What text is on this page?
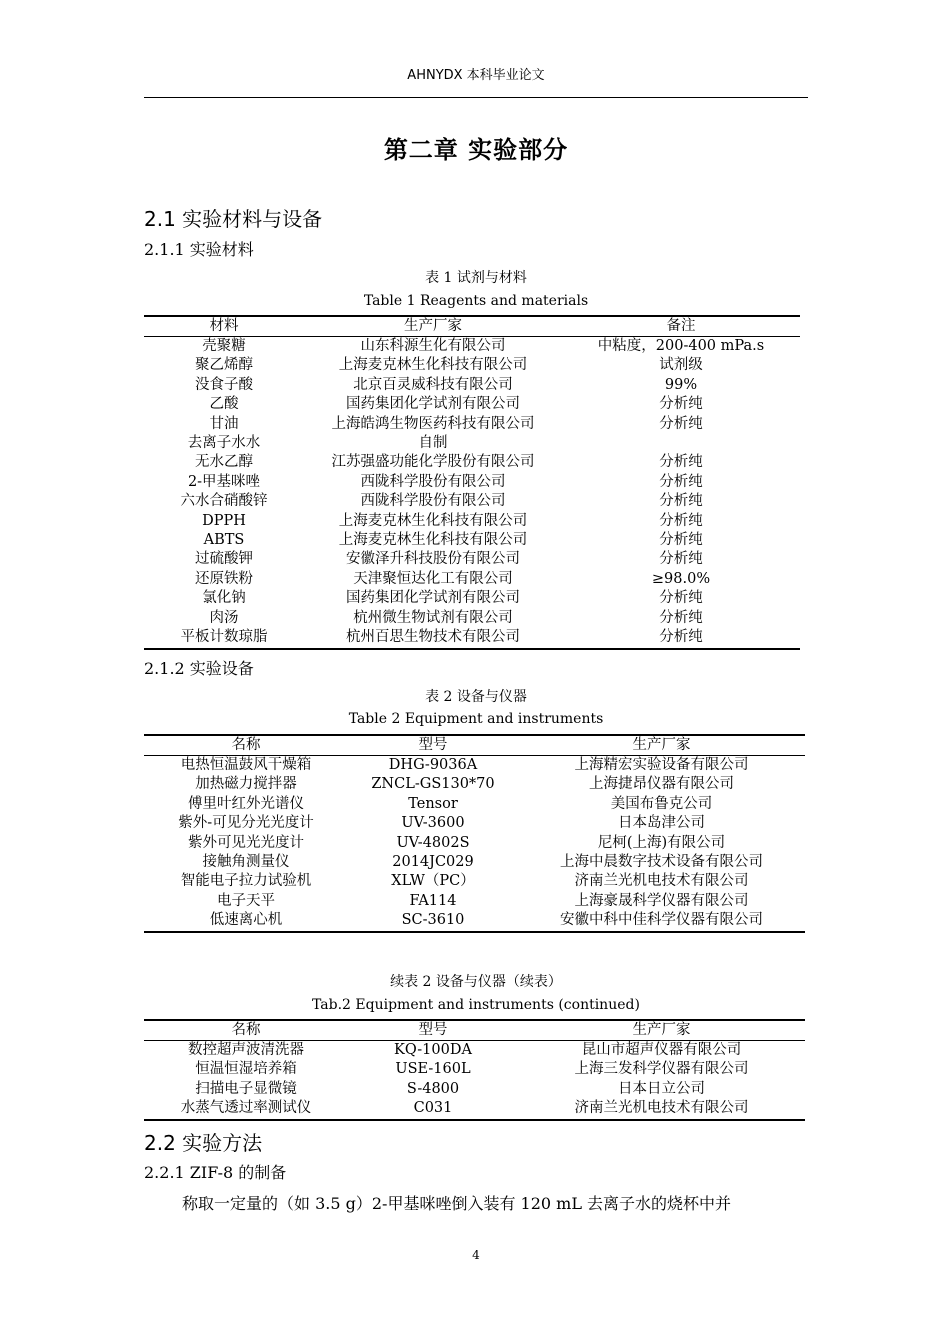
AHNYDX 本科毕业论文
第二章 实验部分
2.1 实验材料与设备
2.1.1 实验材料
表 1 试剂与材料
Table 1 Reagents and materials
材料	生产厂家	备注
壳聚糖	山东科源生化有限公司	中粘度，200-400 mPa.s
聚乙烯醇	上海麦克林生化科技有限公司	试剂级
没食子酸	北京百灵威科技有限公司	99%
乙酸	国药集团化学试剂有限公司	分析纯
甘油	上海皓鸿生物医药科技有限公司	分析纯
去离子水水	自制	
无水乙醇	江苏强盛功能化学股份有限公司	分析纯
2-甲基咪唑	西陇科学股份有限公司	分析纯
六水合硝酸锌	西陇科学股份有限公司	分析纯
DPPH	上海麦克林生化科技有限公司	分析纯
ABTS	上海麦克林生化科技有限公司	分析纯
过硫酸钾	安徽泽升科技股份有限公司	分析纯
还原铁粉	天津聚恒达化工有限公司	≥98.0%
氯化钠	国药集团化学试剂有限公司	分析纯
肉汤	杭州微生物试剂有限公司	分析纯
平板计数琼脂	杭州百思生物技术有限公司	分析纯
2.1.2 实验设备
表 2 设备与仪器
Table 2 Equipment and instruments
名称	型号	生产厂家
电热恒温鼓风干燥箱	DHG-9036A	上海精宏实验设备有限公司
加热磁力搅拌器	ZNCL-GS130*70	上海捷昂仪器有限公司
傅里叶红外光谱仪	Tensor	美国布鲁克公司
紫外-可见分光光度计	UV-3600	日本岛津公司
紫外可见光光度计	UV-4802S	尼柯(上海)有限公司
接触角测量仪	2014JC029	上海中晨数字技术设备有限公司
智能电子拉力试验机	XLW（PC）	济南兰光机电技术有限公司
电子天平	FA114	上海豪晟科学仪器有限公司
低速离心机	SC-3610	安徽中科中佳科学仪器有限公司
续表 2 设备与仪器（续表）
Tab.2 Equipment and instruments (continued)
名称	型号	生产厂家
数控超声波清洗器	KQ-100DA	昆山市超声仪器有限公司
恒温恒湿培养箱	USE-160L	上海三发科学仪器有限公司
扫描电子显微镜	S-4800	日本日立公司
水蒸气透过率测试仪	C031	济南兰光机电技术有限公司
2.2 实验方法
2.2.1 ZIF-8 的制备
称取一定量的（如 3.5 g）2-甲基咪唑倒入装有 120 mL 去离子水的烧杯中并
4
